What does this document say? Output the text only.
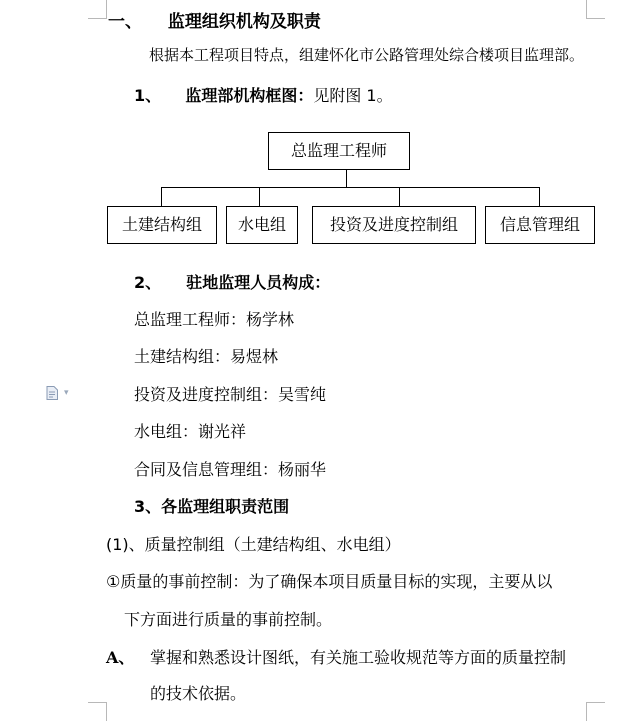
一、 监理组织机构及职责
根据本工程项目特点，组建怀化市公路管理处综合楼项目监理部。
1、 监理部机构框图：见附图 1。
总监理工程师
土建结构组	水电组	投资及进度控制组	信息管理组
2、 驻地监理人员构成：
总监理工程师：杨学林
土建结构组：易煜林
投资及进度控制组：吴雪纯
水电组：谢光祥
合同及信息管理组：杨丽华
▾
3、各监理组职责范围
(1)、质量控制组（土建结构组、水电组）
①质量的事前控制：为了确保本项目质量目标的实现，主要从以
下方面进行质量的事前控制。
A、 掌握和熟悉设计图纸，有关施工验收规范等方面的质量控制
的技术依据。
